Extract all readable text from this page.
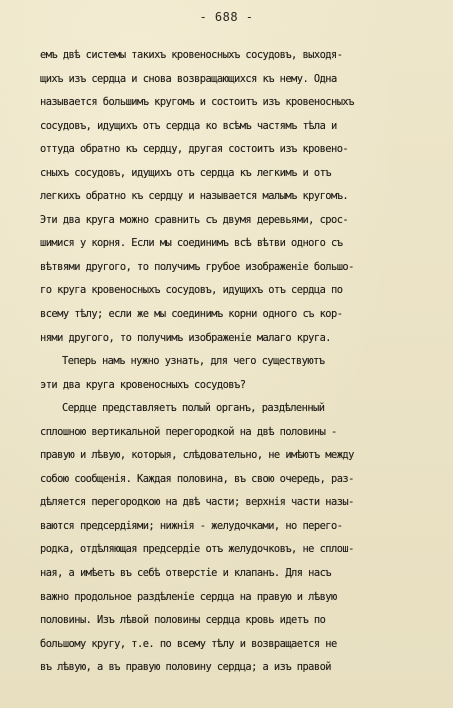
- 688 -
емъ двѣ системы такихъ кровеносныхъ сосудовъ, выходя-
щихъ изъ сердца и снова возвращающихся къ нему. Одна
называется большимъ кругомъ и состоитъ изъ кровеносныхъ
сосудовъ, идущихъ отъ сердца ко всѣмъ частямъ тѣла и
оттуда обратно къ сердцу, другая состоитъ изъ кровено-
сныхъ сосудовъ, идущихъ отъ сердца къ легкимъ и отъ
легкихъ обратно къ сердцу и называется малымъ кругомъ.
Эти два круга можно сравнить съ двумя деревьями, срос-
шимися у корня. Если мы соединимъ всѣ вѣтви одного съ
вѣтвями другого, то получимъ грубое изображеніе большо-
го круга кровеносныхъ сосудовъ, идущихъ отъ сердца по
всему тѣлу; если же мы соединимъ корни одного съ кор-
нями другого, то получимъ изображеніе малаго круга.
Теперь намъ нужно узнать, для чего существуютъ
эти два круга кровеносныхъ сосудовъ?
Сердце представляетъ полый органъ, раздѣленный
сплошною вертикальной перегородкой на двѣ половины -
правую и лѣвую, которыя, слѣдовательно, не имѣютъ между
собою сообщенія. Каждая половина, въ свою очередь, раз-
дѣляется перегородкою на двѣ части; верхнія части назы-
ваются предсердіями; нижнія - желудочками, но перего-
родка, отдѣляющая предсердіе отъ желудочковъ, не сплош-
ная, а имѣетъ въ себѣ отверстіе и клапанъ. Для насъ
важно продольное раздѣленіе сердца на правую и лѣвую
половины. Изъ лѣвой половины сердца кровь идетъ по
большому кругу, т.е. по всему тѣлу и возвращается не
въ лѣвую, а въ правую половину сердца; а изъ правой
